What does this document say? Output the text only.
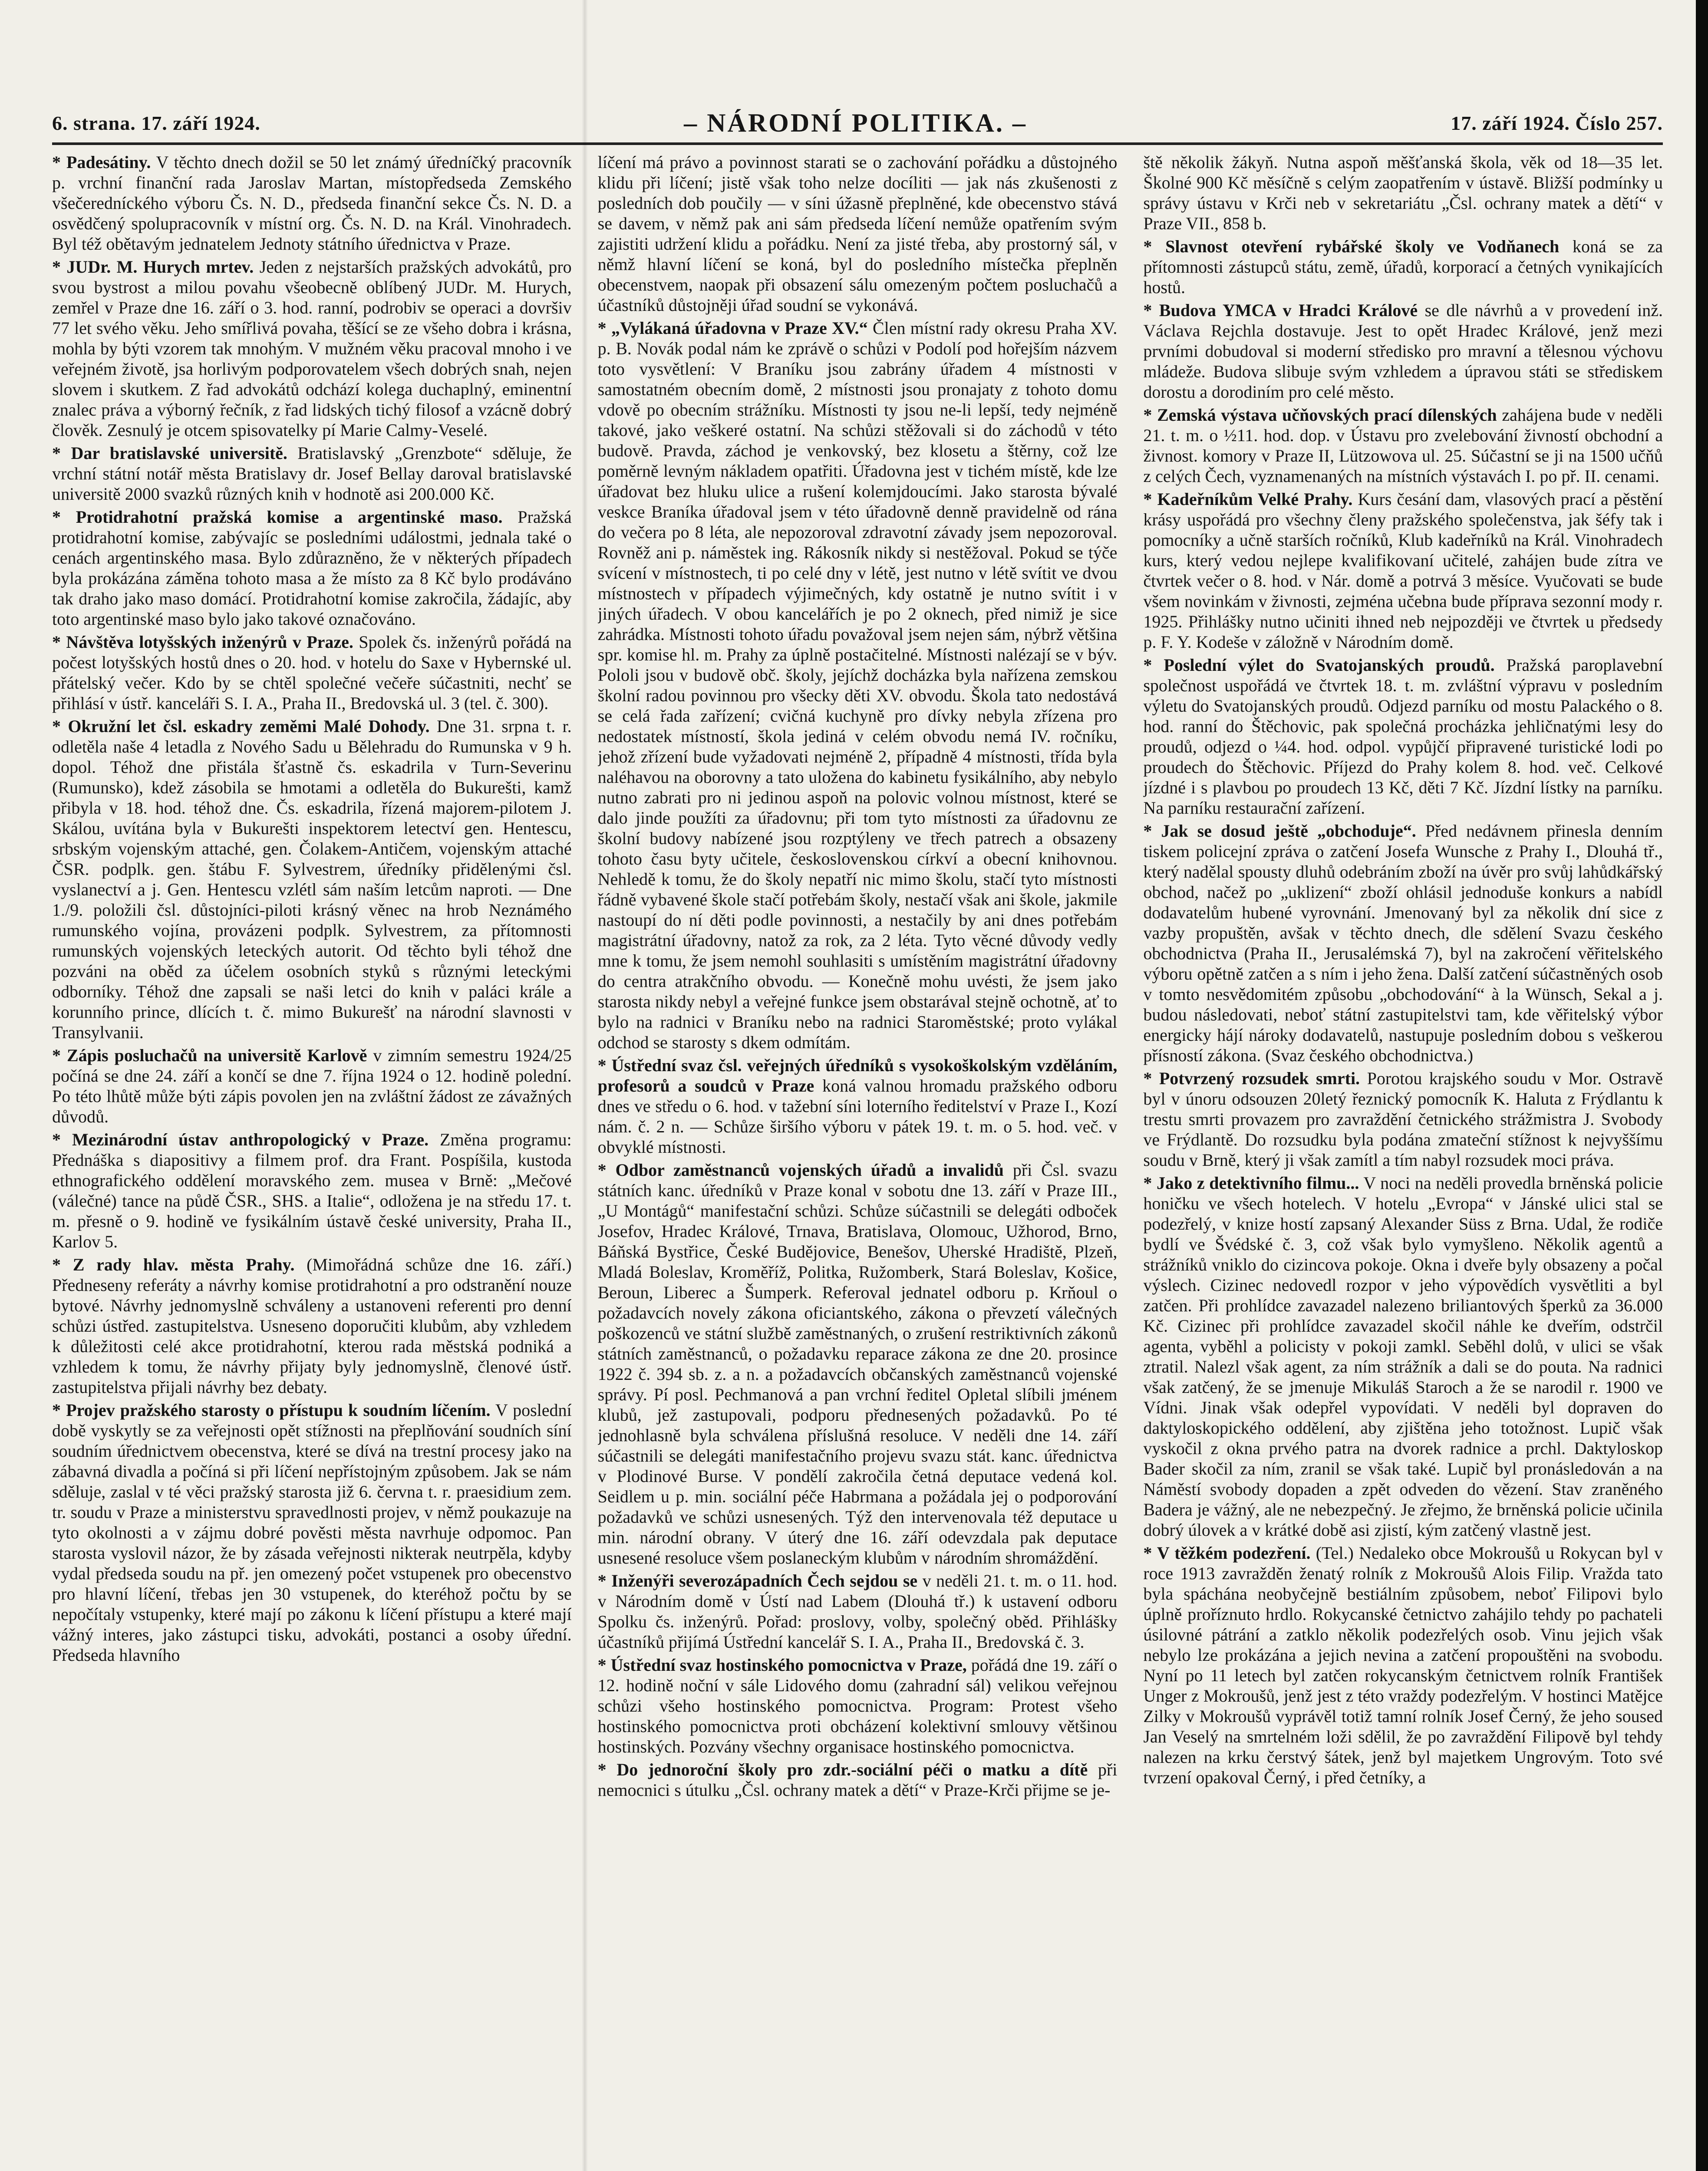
6. strana. 17. září 1924.	– NÁRODNÍ POLITIKA. –	17. září 1924. Číslo 257.

* Padesátiny. V těchto dnech dožil se 50 let známý úředníčký pracovník p. vrchní finanční rada Jaroslav Martan, místopředseda Zemského všečeredníckého výboru Čs. N. D., předseda finanční sekce Čs. N. D. a osvědčený spolupracovník v místní org. Čs. N. D. na Král. Vinohradech. Byl též obětavým jednatelem Jednoty státního úřednictva v Praze.

* JUDr. M. Hurych mrtev. Jeden z nejstarších pražských advokátů, pro svou bystrost a milou povahu všeobecně oblíbený JUDr. M. Hurych, zemřel v Praze dne 16. září o 3. hod. ranní, podrobiv se operaci a dovršiv 77 let svého věku. Jeho smířlivá povaha, těšící se ze všeho dobra i krásna, mohla by býti vzorem tak mnohým. V mužném věku pracoval mnoho i ve veřejném životě, jsa horlivým podporovatelem všech dobrých snah, nejen slovem i skutkem. Z řad advokátů odchází kolega duchaplný, eminentní znalec práva a výborný řečník, z řad lidských tichý filosof a vzácně dobrý člověk. Zesnulý je otcem spisovatelky pí Marie Calmy-Veselé.

* Dar bratislavské universitě. Bratislavský „Grenzbote“ sděluje, že vrchní státní notář města Bratislavy dr. Josef Bellay daroval bratislavské universitě 2000 svazků různých knih v hodnotě asi 200.000 Kč.

* Protidrahotní pražská komise a argentinské maso. Pražská protidrahotní komise, zabývajíc se posledními událostmi, jednala také o cenách argentinského masa. Bylo zdůrazněno, že v některých případech byla prokázána záměna tohoto masa a že místo za 8 Kč bylo prodáváno tak draho jako maso domácí. Protidrahotní komise zakročila, žádajíc, aby toto argentinské maso bylo jako takové označováno.

* Návštěva lotyšských inženýrů v Praze. Spolek čs. inženýrů pořádá na počest lotyšských hostů dnes o 20. hod. v hotelu do Saxe v Hybernské ul. přátelský večer. Kdo by se chtěl společné večeře súčastniti, nechť se přihlásí v ústř. kanceláři S. I. A., Praha II., Bredovská ul. 3 (tel. č. 300).

* Okružní let čsl. eskadry zeměmi Malé Dohody. Dne 31. srpna t. r. odletěla naše 4 letadla z Nového Sadu u Bělehradu do Rumunska v 9 h. dopol. Téhož dne přistála šťastně čs. eskadrila v Turn-Severinu (Rumunsko), kdež zásobila se hmotami a odletěla do Bukurešti, kamž přibyla v 18. hod. téhož dne. Čs. eskadrila, řízená majorem-pilotem J. Skálou, uvítána byla v Bukurešti inspektorem letectví gen. Hentescu, srbským vojenským attaché, gen. Čolakem-Antičem, vojenským attaché ČSR. podplk. gen. štábu F. Sylvestrem, úředníky přidělenými čsl. vyslanectví a j. Gen. Hentescu vzlétl sám naším letcům naproti. — Dne 1./9. položili čsl. důstojníci-piloti krásný věnec na hrob Neznámého rumunského vojína, provázeni podplk. Sylvestrem, za přítomnosti rumunských vojenských leteckých autorit. Od těchto byli téhož dne pozváni na oběd za účelem osobních styků s různými leteckými odborníky. Téhož dne zapsali se naši letci do knih v paláci krále a korunního prince, dlících t. č. mimo Bukurešť na národní slavnosti v Transylvanii.

* Zápis posluchačů na universitě Karlově v zimním semestru 1924/25 počíná se dne 24. září a končí se dne 7. října 1924 o 12. hodině polední. Po této lhůtě může býti zápis povolen jen na zvláštní žádost ze závažných důvodů.

* Mezinárodní ústav anthropologický v Praze. Změna programu: Přednáška s diapositivy a filmem prof. dra Frant. Pospíšila, kustoda ethnografického oddělení moravského zem. musea v Brně: „Mečové (válečné) tance na půdě ČSR., SHS. a Italie“, odložena je na středu 17. t. m. přesně o 9. hodině ve fysikálním ústavě české university, Praha II., Karlov 5.

* Z rady hlav. města Prahy. (Mimořádná schůze dne 16. září.) Předneseny referáty a návrhy komise protidrahotní a pro odstranění nouze bytové. Návrhy jednomyslně schváleny a ustanoveni referenti pro denní schůzi ústřed. zastupitelstva. Usneseno doporučiti klubům, aby vzhledem k důležitosti celé akce protidrahotní, kterou rada městská podniká a vzhledem k tomu, že návrhy přijaty byly jednomyslně, členové ústř. zastupitelstva přijali návrhy bez debaty.

* Projev pražského starosty o přístupu k soudním líčením. V poslední době vyskytly se za veřejnosti opět stížnosti na přeplňování soudních síní soudním úřednictvem obecenstva, které se dívá na trestní procesy jako na zábavná divadla a počíná si při líčení nepřístojným způsobem. Jak se nám sděluje, zaslal v té věci pražský starosta již 6. června t. r. praesidium zem. tr. soudu v Praze a ministerstvu spravedlnosti projev, v němž poukazuje na tyto okolnosti a v zájmu dobré pověsti města navrhuje odpomoc. Pan starosta vyslovil názor, že by zásada veřejnosti nikterak neutrpěla, kdyby vydal předseda soudu na př. jen omezený počet vstupenek pro obecenstvo pro hlavní líčení, třebas jen 30 vstupenek, do kteréhož počtu by se nepočítaly vstupenky, které mají po zákonu k líčení přístupu a které mají vážný interes, jako zástupci tisku, advokáti, postanci a osoby úřední. Předseda hlavního

líčení má právo a povinnost starati se o zachování pořádku a důstojného klidu při líčení; jistě však toho nelze docíliti — jak nás zkušenosti z posledních dob poučily — v síni úžasně přeplněné, kde obecenstvo stává se davem, v němž pak ani sám předseda líčení nemůže opatřením svým zajistiti udržení klidu a pořádku. Není za jisté třeba, aby prostorný sál, v němž hlavní líčení se koná, byl do posledního místečka přeplněn obecenstvem, naopak při obsazení sálu omezeným počtem posluchačů a účastníků důstojněji úřad soudní se vykonává.

* „Vylákaná úřadovna v Praze XV.“ Člen místní rady okresu Praha XV. p. B. Novák podal nám ke zprávě o schůzi v Podolí pod hořejším názvem toto vysvětlení: V Braníku jsou zabrány úřadem 4 místnosti v samostatném obecním domě, 2 místnosti jsou pronajaty z tohoto domu vdově po obecním strážníku. Místnosti ty jsou ne-li lepší, tedy nejméně takové, jako veškeré ostatní. Na schůzi stěžovali si do záchodů v této budově. Pravda, záchod je venkovský, bez klosetu a štěrny, což lze poměrně levným nákladem opatřiti. Úřadovna jest v tichém místě, kde lze úřadovat bez hluku ulice a rušení kolemjdoucími. Jako starosta bývalé veskce Braníka úřadoval jsem v této úřadovně denně pravidelně od rána do večera po 8 léta, ale nepozoroval zdravotní závady jsem nepozoroval. Rovněž ani p. náměstek ing. Rákosník nikdy si nestěžoval. Pokud se týče svícení v místnostech, ti po celé dny v létě, jest nutno v létě svítit ve dvou místnostech v případech výjimečných, kdy ostatně je nutno svítit i v jiných úřadech. V obou kancelářích je po 2 oknech, před nimiž je sice zahrádka. Místnosti tohoto úřadu považoval jsem nejen sám, nýbrž většina spr. komise hl. m. Prahy za úplně postačitelné. Místnosti nalézají se v býv. Pololi jsou v budově obč. školy, jejíchž docházka byla nařízena zemskou školní radou povinnou pro všecky děti XV. obvodu. Škola tato nedostává se celá řada zařízení; cvičná kuchyně pro dívky nebyla zřízena pro nedostatek místností, škola jediná v celém obvodu nemá IV. ročníku, jehož zřízení bude vyžadovati nejméně 2, případně 4 místnosti, třída byla naléhavou na oborovny a tato uložena do kabinetu fysikálního, aby nebylo nutno zabrati pro ni jedinou aspoň na polovic volnou místnost, které se dalo jinde použíti za úřadovnu; při tom tyto místnosti za úřadovnu ze školní budovy nabízené jsou rozptýleny ve třech patrech a obsazeny tohoto času byty učitele, československou církví a obecní knihovnou. Nehledě k tomu, že do školy nepatří nic mimo školu, stačí tyto místnosti řádně vybavené škole stačí potřebám školy, nestačí však ani škole, jakmile nastoupí do ní děti podle povinnosti, a nestačily by ani dnes potřebám magistrátní úřadovny, natož za rok, za 2 léta. Tyto věcné důvody vedly mne k tomu, že jsem nemohl souhlasiti s umístěním magistrátní úřadovny do centra atrakčního obvodu. — Konečně mohu uvésti, že jsem jako starosta nikdy nebyl a veřejné funkce jsem obstarával stejně ochotně, ať to bylo na radnici v Braníku nebo na radnici Staroměstské; proto vylákal odchod se starosty s dkem odmítám.

* Ústřední svaz čsl. veřejných úředníků s vysokoškolským vzděláním, profesorů a soudců v Praze koná valnou hromadu pražského odboru dnes ve středu o 6. hod. v tažební síni loterního ředitelství v Praze I., Kozí nám. č. 2 n. — Schůze širšího výboru v pátek 19. t. m. o 5. hod. več. v obvyklé místnosti.

* Odbor zaměstnanců vojenských úřadů a invalidů při Čsl. svazu státních kanc. úředníků v Praze konal v sobotu dne 13. září v Praze III., „U Montágů“ manifestační schůzi. Schůze súčastnili se delegáti odboček Josefov, Hradec Králové, Trnava, Bratislava, Olomouc, Užhorod, Brno, Báňská Bystřice, České Budějovice, Benešov, Uherské Hradiště, Plzeň, Mladá Boleslav, Kroměříž, Politka, Ružomberk, Stará Boleslav, Košice, Beroun, Liberec a Šumperk. Referoval jednatel odboru p. Krňoul o požadavcích novely zákona oficiantského, zákona o převzetí válečných poškozenců ve státní službě zaměstnaných, o zrušení restriktivních zákonů státních zaměstnanců, o požadavku reparace zákona ze dne 20. prosince 1922 č. 394 sb. z. a n. a požadavcích občanských zaměstnanců vojenské správy. Pí posl. Pechmanová a pan vrchní ředitel Opletal slíbili jménem klubů, jež zastupovali, podporu přednesených požadavků. Po té jednohlasně byla schválena příslušná resoluce. V neděli dne 14. září súčastnili se delegáti manifestačního projevu svazu stát. kanc. úřednictva v Plodinové Burse. V pondělí zakročila četná deputace vedená kol. Seidlem u p. min. sociální péče Habrmana a požádala jej o podporování požadavků ve schůzi usnesených. Týž den intervenovala též deputace u min. národní obrany. V úterý dne 16. září odevzdala pak deputace usnesené resoluce všem poslaneckým klubům v národním shromáždění.

* Inženýři severozápadních Čech sejdou se v neděli 21. t. m. o 11. hod. v Národním domě v Ústí nad Labem (Dlouhá tř.) k ustavení odboru Spolku čs. inženýrů. Pořad: proslovy, volby, společný oběd. Přihlášky účastníků přijímá Ústřední kancelář S. I. A., Praha II., Bredovská č. 3.

* Ústřední svaz hostinského pomocnictva v Praze, pořádá dne 19. září o 12. hodině noční v sále Lidového domu (zahradní sál) velikou veřejnou schůzi všeho hostinského pomocnictva. Program: Protest všeho hostinského pomocnictva proti obcházení kolektivní smlouvy většinou hostinských. Pozvány všechny organisace hostinského pomocnictva.

* Do jednoroční školy pro zdr.-sociální péči o matku a dítě při nemocnici s útulku „Čsl. ochrany matek a dětí“ v Praze-Krči přijme se je-

ště několik žákyň. Nutna aspoň měšťanská škola, věk od 18—35 let. Školné 900 Kč měsíčně s celým zaopatřením v ústavě. Bližší podmínky u správy ústavu v Krči neb v sekretariátu „Čsl. ochrany matek a dětí“ v Praze VII., 858 b.

* Slavnost otevření rybářské školy ve Vodňanech koná se za přítomnosti zástupců státu, země, úřadů, korporací a četných vynikajících hostů.

* Budova YMCA v Hradci Králové se dle návrhů a v provedení inž. Václava Rejchla dostavuje. Jest to opět Hradec Králové, jenž mezi prvními dobudoval si moderní středisko pro mravní a tělesnou výchovu mládeže. Budova slibuje svým vzhledem a úpravou státi se střediskem dorostu a dorodiním pro celé město.

* Zemská výstava učňovských prací dílenských zahájena bude v neděli 21. t. m. o ½11. hod. dop. v Ústavu pro zvelebování živností obchodní a živnost. komory v Praze II, Lützowova ul. 25. Súčastní se ji na 1500 učňů z celých Čech, vyznamenaných na místních výstavách I. po př. II. cenami.

* Kadeřníkům Velké Prahy. Kurs česání dam, vlasových prací a pěstění krásy uspořádá pro všechny členy pražského společenstva, jak šéfy tak i pomocníky a učně starších ročníků, Klub kadeřníků na Král. Vinohradech kurs, který vedou nejlepe kvalifikovaní učitelé, zahájen bude zítra ve čtvrtek večer o 8. hod. v Nár. domě a potrvá 3 měsíce. Vyučovati se bude všem novinkám v živnosti, zejména učebna bude příprava sezonní mody r. 1925. Přihlášky nutno učiniti ihned neb nejpozději ve čtvrtek u předsedy p. F. Y. Kodeše v záložně v Národním domě.

* Poslední výlet do Svatojanských proudů. Pražská paroplavební společnost uspořádá ve čtvrtek 18. t. m. zvláštní výpravu v posledním výletu do Svatojanských proudů. Odjezd parníku od mostu Palackého o 8. hod. ranní do Štěchovic, pak společná procházka jehličnatými lesy do proudů, odjezd o ¼4. hod. odpol. vypůjčí připravené turistické lodi po proudech do Štěchovic. Příjezd do Prahy kolem 8. hod. več. Celkové jízdné i s plavbou po proudech 13 Kč, děti 7 Kč. Jízdní lístky na parníku. Na parníku restaurační zařízení.

* Jak se dosud ještě „obchoduje“. Před nedávnem přinesla denním tiskem policejní zpráva o zatčení Josefa Wunsche z Prahy I., Dlouhá tř., který nadělal spousty dluhů odebráním zboží na úvěr pro svůj lahůdkářský obchod, načež po „uklizení“ zboží ohlásil jednoduše konkurs a nabídl dodavatelům hubené vyrovnání. Jmenovaný byl za několik dní sice z vazby propuštěn, avšak v těchto dnech, dle sdělení Svazu českého obchodnictva (Praha II., Jerusalémská 7), byl na zakročení věřitelského výboru opětně zatčen a s ním i jeho žena. Další zatčení súčastněných osob v tomto nesvědomitém způsobu „obchodování“ à la Wünsch, Sekal a j. budou následovati, neboť státní zastupitelstvi tam, kde věřitelský výbor energicky hájí nároky dodavatelů, nastupuje posledním dobou s veškerou přísností zákona. (Svaz českého obchodnictva.)

* Potvrzený rozsudek smrti. Porotou krajského soudu v Mor. Ostravě byl v únoru odsouzen 20letý řeznický pomocník K. Haluta z Frýdlantu k trestu smrti provazem pro zavraždění četnického strážmistra J. Svobody ve Frýdlantě. Do rozsudku byla podána zmateční stížnost k nejvyššímu soudu v Brně, který ji však zamítl a tím nabyl rozsudek moci práva.

* Jako z detektivního filmu... V noci na neděli provedla brněnská policie honičku ve všech hotelech. V hotelu „Evropa“ v Jánské ulici stal se podezřelý, v knize hostí zapsaný Alexander Süss z Brna. Udal, že rodiče bydlí ve Švédské č. 3, což však bylo vymyšleno. Několik agentů a strážníků vniklo do cizincova pokoje. Okna i dveře byly obsazeny a počal výslech. Cizinec nedovedl rozpor v jeho výpovědích vysvětliti a byl zatčen. Při prohlídce zavazadel nalezeno briliantových šperků za 36.000 Kč. Cizinec při prohlídce zavazadel skočil náhle ke dveřím, odstrčil agenta, vyběhl a policisty v pokoji zamkl. Seběhl dolů, v ulici se však ztratil. Nalezl však agent, za ním strážník a dali se do pouta. Na radnici však zatčený, že se jmenuje Mikuláš Staroch a že se narodil r. 1900 ve Vídni. Jinak však odepřel vypovídati. V neděli byl dopraven do daktyloskopického oddělení, aby zjištěna jeho totožnost. Lupič však vyskočil z okna prvého patra na dvorek radnice a prchl. Daktyloskop Bader skočil za ním, zranil se však také. Lupič byl pronásledován a na Náměstí svobody dopaden a zpět odveden do vězení. Stav zraněného Badera je vážný, ale ne nebezpečný. Je zřejmo, že brněnská policie učinila dobrý úlovek a v krátké době asi zjistí, kým zatčený vlastně jest.

* V těžkém podezření. (Tel.) Nedaleko obce Mokroušů u Rokycan byl v roce 1913 zavražděn ženatý rolník z Mokroušů Alois Filip. Vražda tato byla spáchána neobyčejně bestiálním způsobem, neboť Filipovi bylo úplně proříznuto hrdlo. Rokycanské četnictvo zahájilo tehdy po pachateli úsilovné pátrání a zatklo několik podezřelých osob. Vinu jejich však nebylo lze prokázána a jejich nevina a zatčení propouštěni na svobodu. Nyní po 11 letech byl zatčen rokycanským četnictvem rolník František Unger z Mokroušů, jenž jest z této vraždy podezřelým. V hostinci Matějce Zilky v Mokroušů vyprávěl totiž tamní rolník Josef Černý, že jeho soused Jan Veselý na smrtelném loži sdělil, že po zavraždění Filipově byl tehdy nalezen na krku čerstvý šátek, jenž byl majetkem Ungrovým. Toto své tvrzení opakoval Černý, i před četníky, a
